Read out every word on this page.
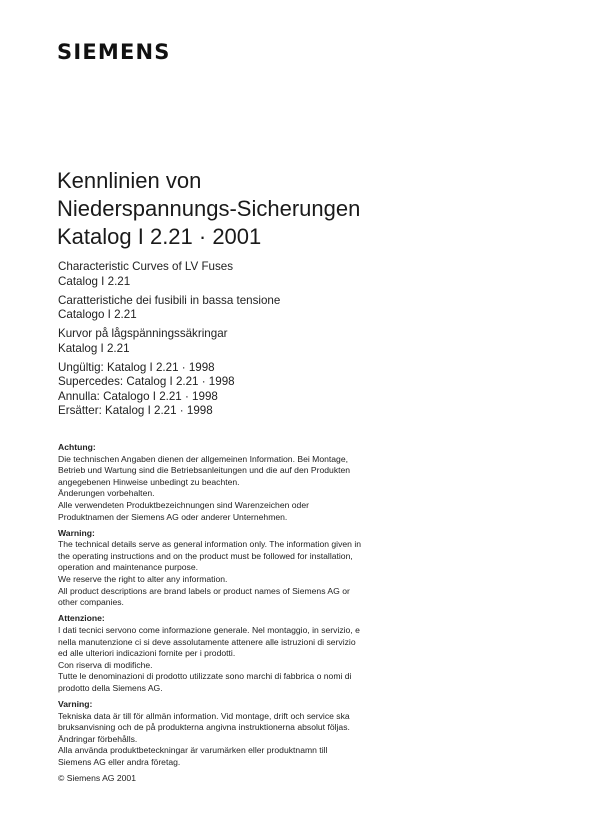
SIEMENS
Kennlinien von
Niederspannungs-Sicherungen
Katalog I 2.21 · 2001
Characteristic Curves of LV Fuses
Catalog I 2.21
Caratteristiche dei fusibili in bassa tensione
Catalogo I 2.21
Kurvor på lågspänningssäkringar
Katalog I 2.21
Ungültig: Katalog I 2.21 · 1998
Supercedes: Catalog I 2.21 · 1998
Annulla: Catalogo I 2.21 · 1998
Ersätter: Katalog I 2.21 · 1998
Achtung:
Die technischen Angaben dienen der allgemeinen Information. Bei Montage,
Betrieb und Wartung sind die Betriebsanleitungen und die auf den Produkten
angegebenen Hinweise unbedingt zu beachten.
Änderungen vorbehalten.
Alle verwendeten Produktbezeichnungen sind Warenzeichen oder
Produktnamen der Siemens AG oder anderer Unternehmen.
Warning:
The technical details serve as general information only. The information given in
the operating instructions and on the product must be followed for installation,
operation and maintenance purpose.
We reserve the right to alter any information.
All product descriptions are brand labels or product names of Siemens AG or
other companies.
Attenzione:
I dati tecnici servono come informazione generale. Nel montaggio, in servizio, e
nella manutenzione ci si deve assolutamente attenere alle istruzioni di servizio
ed alle ulteriori indicazioni fornite per i prodotti.
Con riserva di modifiche.
Tutte le denominazioni di prodotto utilizzate sono marchi di fabbrica o nomi di
prodotto della Siemens AG.
Varning:
Tekniska data är till för allmän information. Vid montage, drift och service ska
bruksanvisning och de på produkterna angivna instruktionerna absolut följas.
Ändringar förbehålls.
Alla använda produktbeteckningar är varumärken eller produktnamn till
Siemens AG eller andra företag.
© Siemens AG 2001
